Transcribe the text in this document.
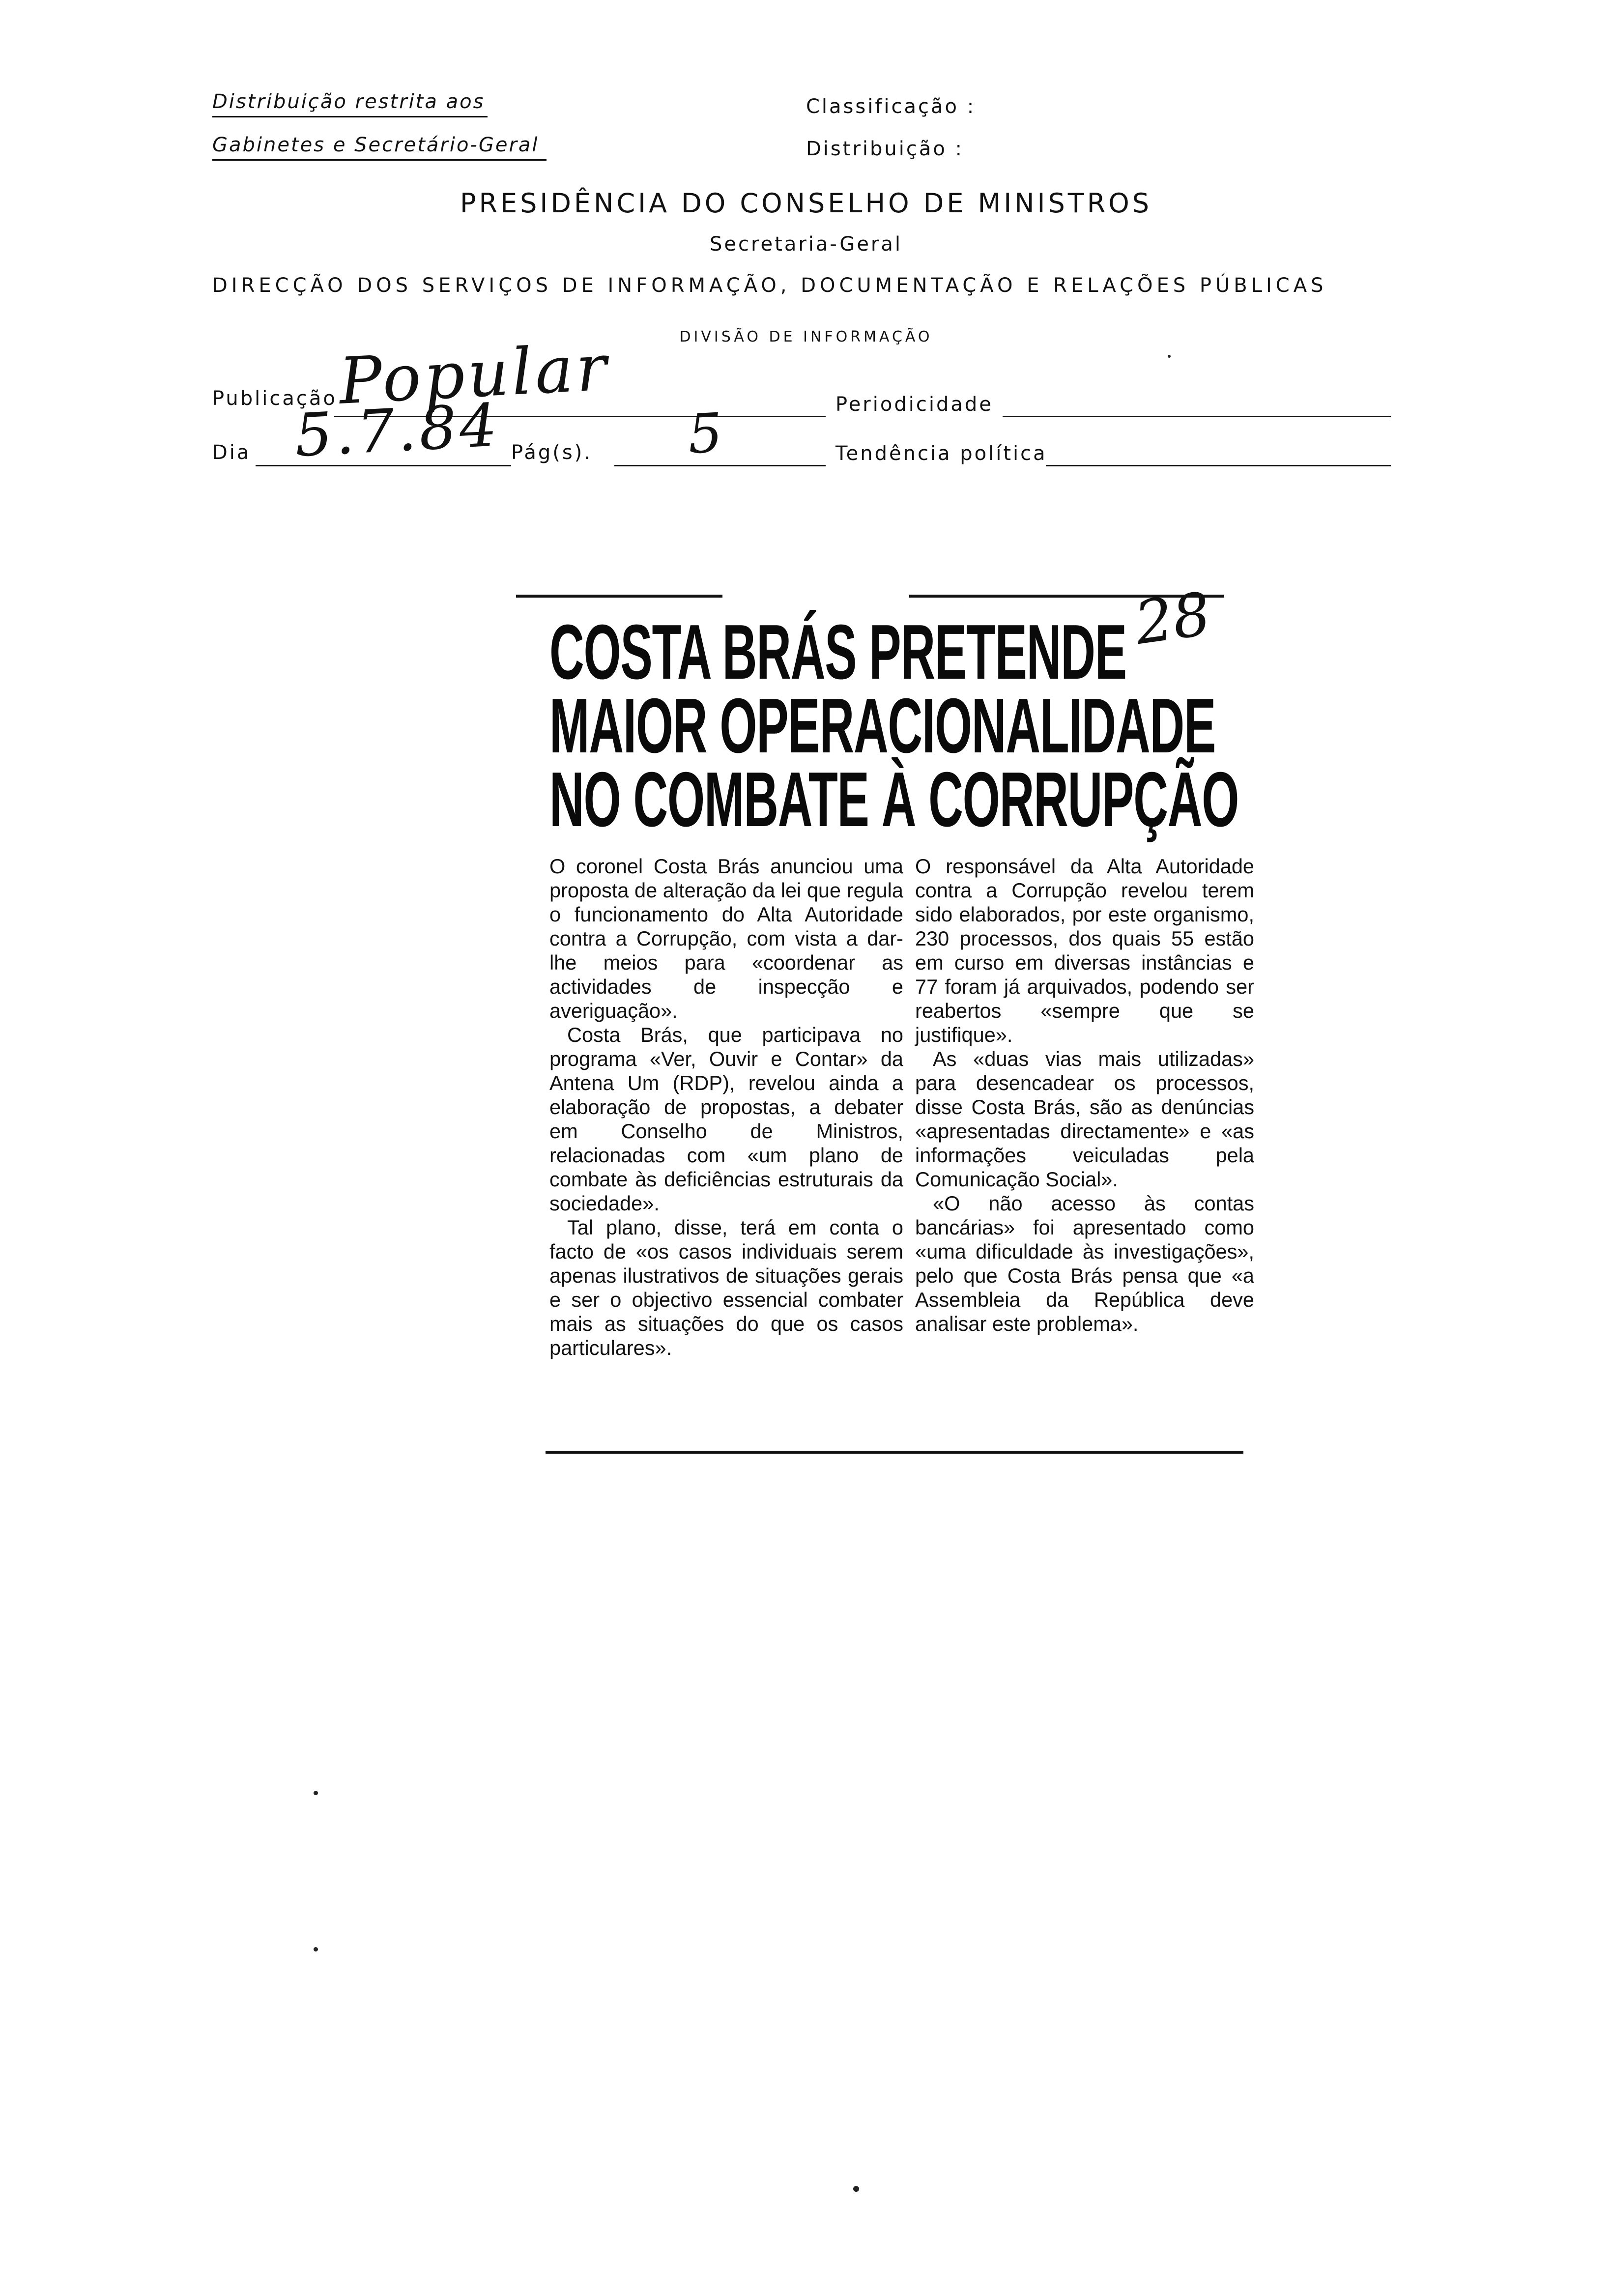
Distribuição restrita aos
Gabinetes e Secretário-Geral
Classificação :
Distribuição :
PRESIDÊNCIA DO CONSELHO DE MINISTROS
Secretaria-Geral
DIRECÇÃO DOS SERVIÇOS DE INFORMAÇÃO, DOCUMENTAÇÃO E RELAÇÕES PÚBLICAS
DIVISÃO DE INFORMAÇÃO
Publicação Popular	Periodicidade
Dia 5.7.84 Pág(s). 5	Tendência política
COSTA BRÁS PRETENDE
MAIOR OPERACIONALIDADE
NO COMBATE À CORRUPÇÃO
28

O coronel Costa Brás anunciou uma proposta de alteração da lei que regula o funcionamento do Alta Autoridade contra a Corrupção, com vista a dar-lhe meios para «coordenar as actividades de inspecção e averiguação».

Costa Brás, que participava no programa «Ver, Ouvir e Contar» da Antena Um (RDP), revelou ainda a elaboração de propostas, a debater em Conselho de Ministros, relacionadas com «um plano de combate às deficiências estruturais da sociedade».

Tal plano, disse, terá em conta o facto de «os casos individuais serem apenas ilustrativos de situações gerais e ser o objectivo essencial combater mais as situações do que os casos particulares».

O responsável da Alta Autoridade contra a Corrupção revelou terem sido elaborados, por este organismo, 230 processos, dos quais 55 estão em curso em diversas instâncias e 77 foram já arquivados, podendo ser reabertos «sempre que se justifique».

As «duas vias mais utilizadas» para desencadear os processos, disse Costa Brás, são as denúncias «apresentadas directamente» e «as informações veiculadas pela Comunicação Social».

«O não acesso às contas bancárias» foi apresentado como «uma dificuldade às investigações», pelo que Costa Brás pensa que «a Assembleia da República deve analisar este problema».
